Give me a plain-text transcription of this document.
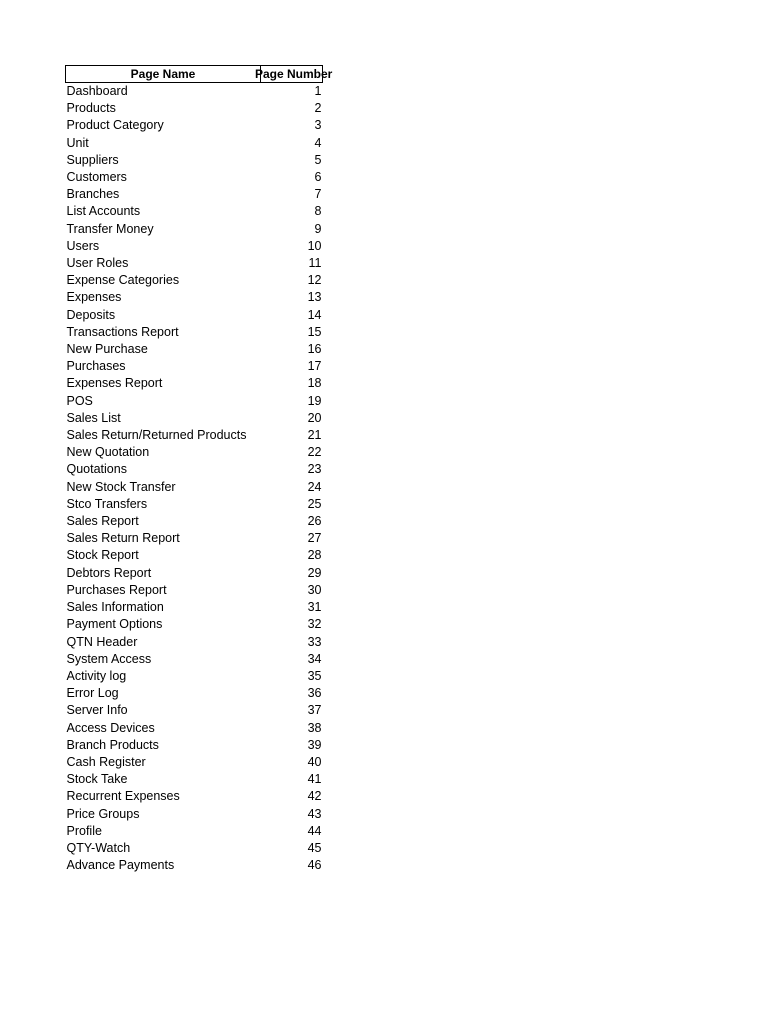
Page Name	Page Number
Dashboard	1
Products	2
Product Category	3
Unit	4
Suppliers	5
Customers	6
Branches	7
List Accounts	8
Transfer Money	9
Users	10
User Roles	11
Expense Categories	12
Expenses	13
Deposits	14
Transactions Report	15
New Purchase	16
Purchases	17
Expenses Report	18
POS	19
Sales List	20
Sales Return/Returned Products	21
New Quotation	22
Quotations	23
New Stock Transfer	24
Stco Transfers	25
Sales Report	26
Sales Return Report	27
Stock Report	28
Debtors Report	29
Purchases Report	30
Sales Information	31
Payment Options	32
QTN Header	33
System Access	34
Activity log	35
Error Log	36
Server Info	37
Access Devices	38
Branch Products	39
Cash Register	40
Stock Take	41
Recurrent Expenses	42
Price Groups	43
Profile	44
QTY-Watch	45
Advance Payments	46
